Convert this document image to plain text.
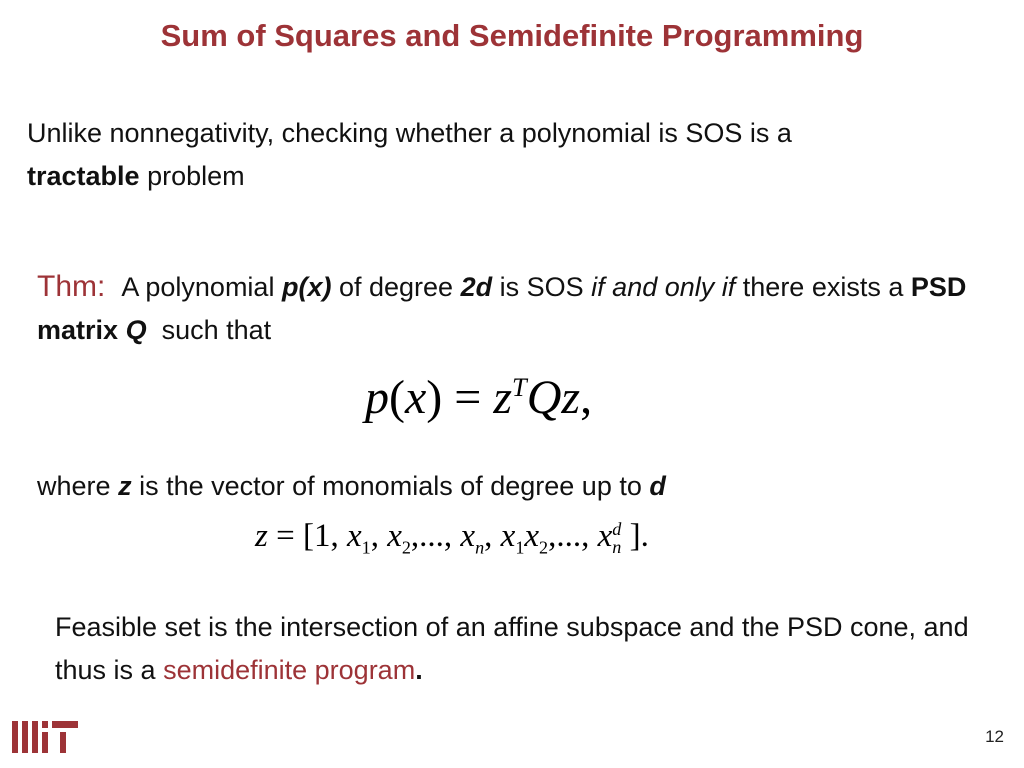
Sum of Squares and Semidefinite Programming
Unlike nonnegativity, checking whether a polynomial is SOS is a
tractable problem
Thm: A polynomial p(x) of degree 2d is SOS if and only if there exists a PSD matrix Q such that
$p(x) = z^TQz$,
where z is the vector of monomials of degree up to d
z = [1, $x_1$, $x_2$,..., $x_n$, $x_1x_2$,..., x d
n ].
Feasible set is the intersection of an affine subspace and the PSD cone, and thus is a semidefinite program.
12
